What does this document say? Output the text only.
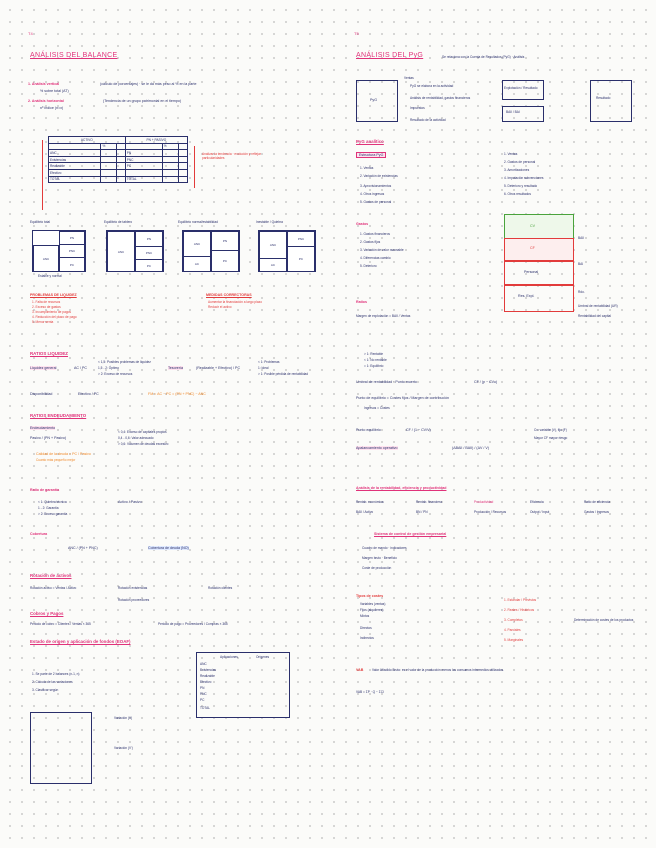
T4
ANÁLISIS DEL BALANCE
1. Análisis vertical	(cálculo de porcentajes) · se le da más peso al % en la parte
% sobre total (AT)
2. Análisis horizontal	(Tendencia de un grupo patrimonial en el tiempo)
nº índice (n=x)
ACTIVO			PN + PASIVO		
	%			%	
ANC			PN		
Existencias			PNC		
Realizable			PC		
Efectivo					
TOTAL			TOTAL		
Analizar la tendencia · evolución y reflejar particularidades
Equilibrio total	Equilibrio de tablero	Equilibrio normal/estabilidad	Inestable / Quiebra
ANC
PN
PNC
PC
ANC
PN
PNC
PC
ANC
AC
PN
PC
ANC
AC
PNC
PC
Estable y normal
PROBLEMAS DE LIQUIDEZ
1. Falta de recursos
2. Exceso de gastos
3. Incumplimiento de pagos
4. Reducción del plazo de pago
5. Menor venta
MEDIDAS CORRECTORAS
Aumentar la financiación a largo plazo
Reducir el activo
RATIOS LIQUIDEZ
Liquidez general	AC / PC
< 1,5: Posibles problemas de liquidez
1,5 - 2: Óptimo
> 2: Exceso de recursos
Tesorería	(Realizable + Efectivo) / PC
< 1: Problemas
1: Ideal
> 1: Posible pérdida de rentabilidad
Disponibilidad	Efectivo / PC	FM = AC − PC = (PN + PNC) − ANC
RATIOS ENDEUDAMIENTO
Endeudamiento
Pasivo / (PN + Pasivo)
< 0,4: Exceso de capitales propios
0,4 - 0,6: Valor adecuado
> 0,6: Volumen de deudas excesivo
Calidad de la deuda = PC / Pasivo
Cuanto más pequeño mejor
Ratio de garantía
Activo / Pasivo
< 1: Quiebra técnica
1 - 2: Garantía
> 2: Exceso garantía
Cobertura
ANC / (PN + PNC)	Cobertura de deuda (NO)
Rotación de activos
Rotación activo = Ventas / Activo	Rotación existencias	Rotación clientes
Rotación proveedores
Cobros y Pagos
Periodo de cobro = Clientes / Ventas × 365	Periodo de pago = Proveedores / Compras × 365
Estado de origen y aplicación de fondos (EOAF)
1. Se parte de 2 balances (n-1, n)
2. Cálculo de las variaciones
3. Clasificar según
Aplicaciones	Orígenes
ANC
Existencias
Realizable
Efectivo
PN
PNC
PC
TOTAL
Variación (V)
Variación (V')
T5
ANÁLISIS DEL PyG	Se relaciona con la Cuenta de Resultados (PyG) · Análisis
PyG
Ventas
PyG se elabora en la actividad
Análisis de rentabilidad, gastos financieros
Impuestos
Resultado de la actividad
Explotación / Resultado
BAII / BAI
Resultado
PyG analítico
Estructura PyG
1. Ventas
2. Variación de existencias
3. Aprovisionamientos
4. Otros ingresos
5. Gastos de personal
1. Ventas
2. Gastos de personal
3. Amortizaciones
4. Imputación subvenciones
5. Deterioro y resultado
6. Otros resultados
Gastos
1. Gastos financieros
2. Gastos fijos
3. Variación de valor razonable
4. Diferencias cambio
5. Deterioro
CV
CF
Personal
Res. Expl.
BAII
BAI
Rdo.
Umbral de rentabilidad (UR)
Rentabilidad del capital
Ratios
Margen de explotación = BAII / Ventas
> 1: Rentable
< 1: No rentable
= 1: Equilibrio
Umbral de rentabilidad · Punto muerto	CF / (p − CVu)
Punto de equilibrio = Costes fijos / Margen de contribución
Ingresos = Costes
Punto equilibrio	CF / (1 − CV/V)
Apalancamiento operativo	(ΔBAII / BAII) / (ΔV / V)
Cv: variable (V), fijo (F)
Mayor CF mayor riesgo
Análisis de la rentabilidad, eficiencia y productividad
Rentab. económica	Rentab. financiera	Productividad	Eficiencia	Ratio de eficiencia
BAII / Activo	BN / PN	Producción / Recursos	Output / Input	Gastos / Ingresos
Sistema de control de gestión empresarial
Cuadro de mando · indicadores
Margen bruto · Beneficio
Coste de producción
Tipos de costes
Variables (ventas)
Fijos (alquileres)
Mixtos
Directos
Indirectos
1. Estándar / Previstos
2. Reales / Históricos
3. Completos
4. Parciales
5. Marginales
Determinación de costes de los productos
VAB	Valor Añadido Bruto: es el valor de la producción menos los consumos intermedios utilizados.
VAB = ΣP · Q − ΣCI
